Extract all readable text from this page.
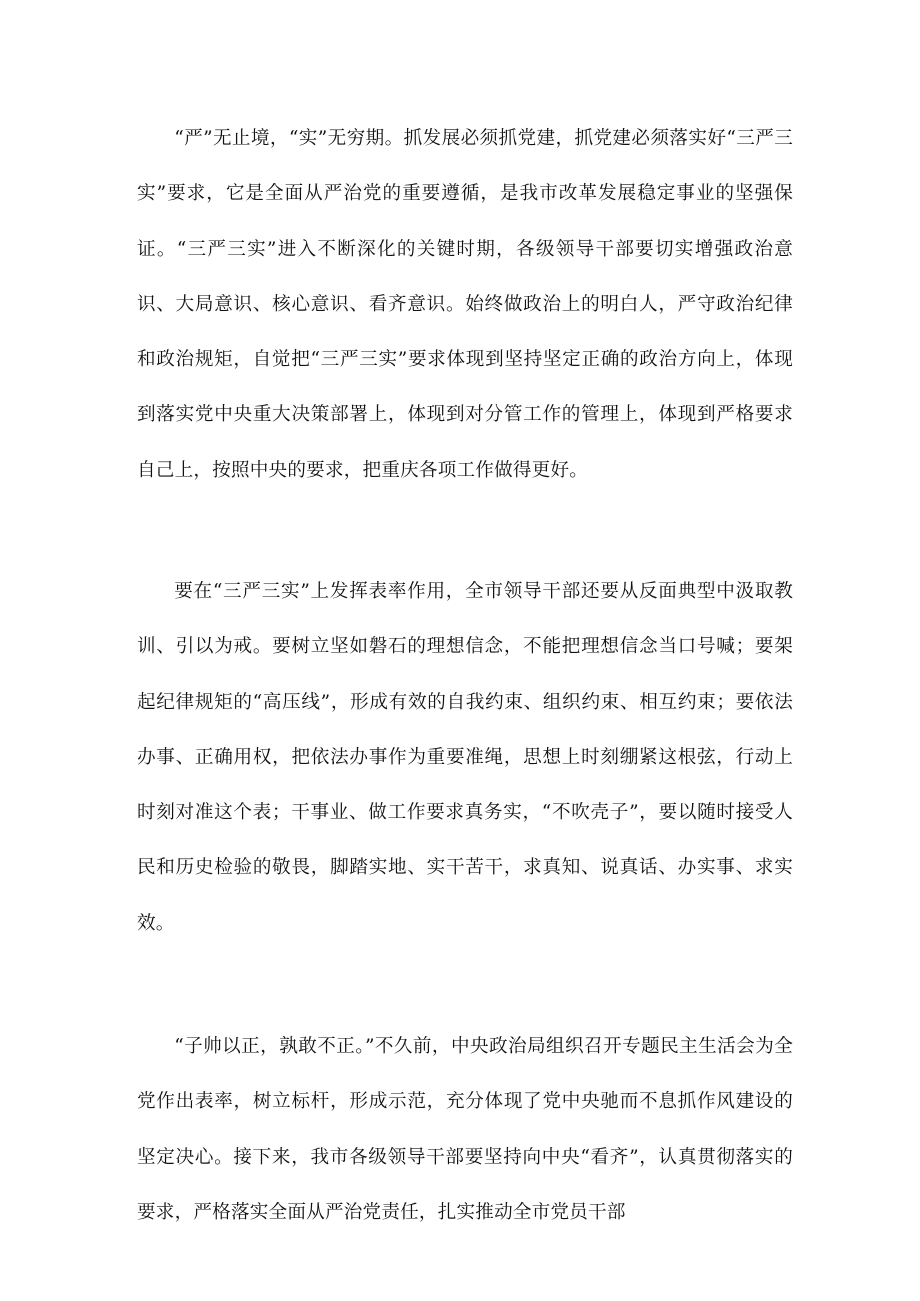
“严”无止境，“实”无穷期。抓发展必须抓党建，抓党建必须落实好“三严三实”要求，它是全面从严治党的重要遵循，是我市改革发展稳定事业的坚强保证。“三严三实”进入不断深化的关键时期，各级领导干部要切实增强政治意识、大局意识、核心意识、看齐意识。始终做政治上的明白人，严守政治纪律和政治规矩，自觉把“三严三实”要求体现到坚持坚定正确的政治方向上，体现到落实党中央重大决策部署上，体现到对分管工作的管理上，体现到严格要求自己上，按照中央的要求，把重庆各项工作做得更好。

要在“三严三实”上发挥表率作用，全市领导干部还要从反面典型中汲取教训、引以为戒。要树立坚如磐石的理想信念，不能把理想信念当口号喊；要架起纪律规矩的“高压线”，形成有效的自我约束、组织约束、相互约束；要依法办事、正确用权，把依法办事作为重要准绳，思想上时刻绷紧这根弦，行动上时刻对准这个表；干事业、做工作要求真务实，“不吹壳子”，要以随时接受人民和历史检验的敬畏，脚踏实地、实干苦干，求真知、说真话、办实事、求实效。

“子帅以正，孰敢不正。”不久前，中央政治局组织召开专题民主生活会为全党作出表率，树立标杆，形成示范，充分体现了党中央驰而不息抓作风建设的坚定决心。接下来，我市各级领导干部要坚持向中央“看齐”，认真贯彻落实的要求，严格落实全面从严治党责任，扎实推动全市党员干部
